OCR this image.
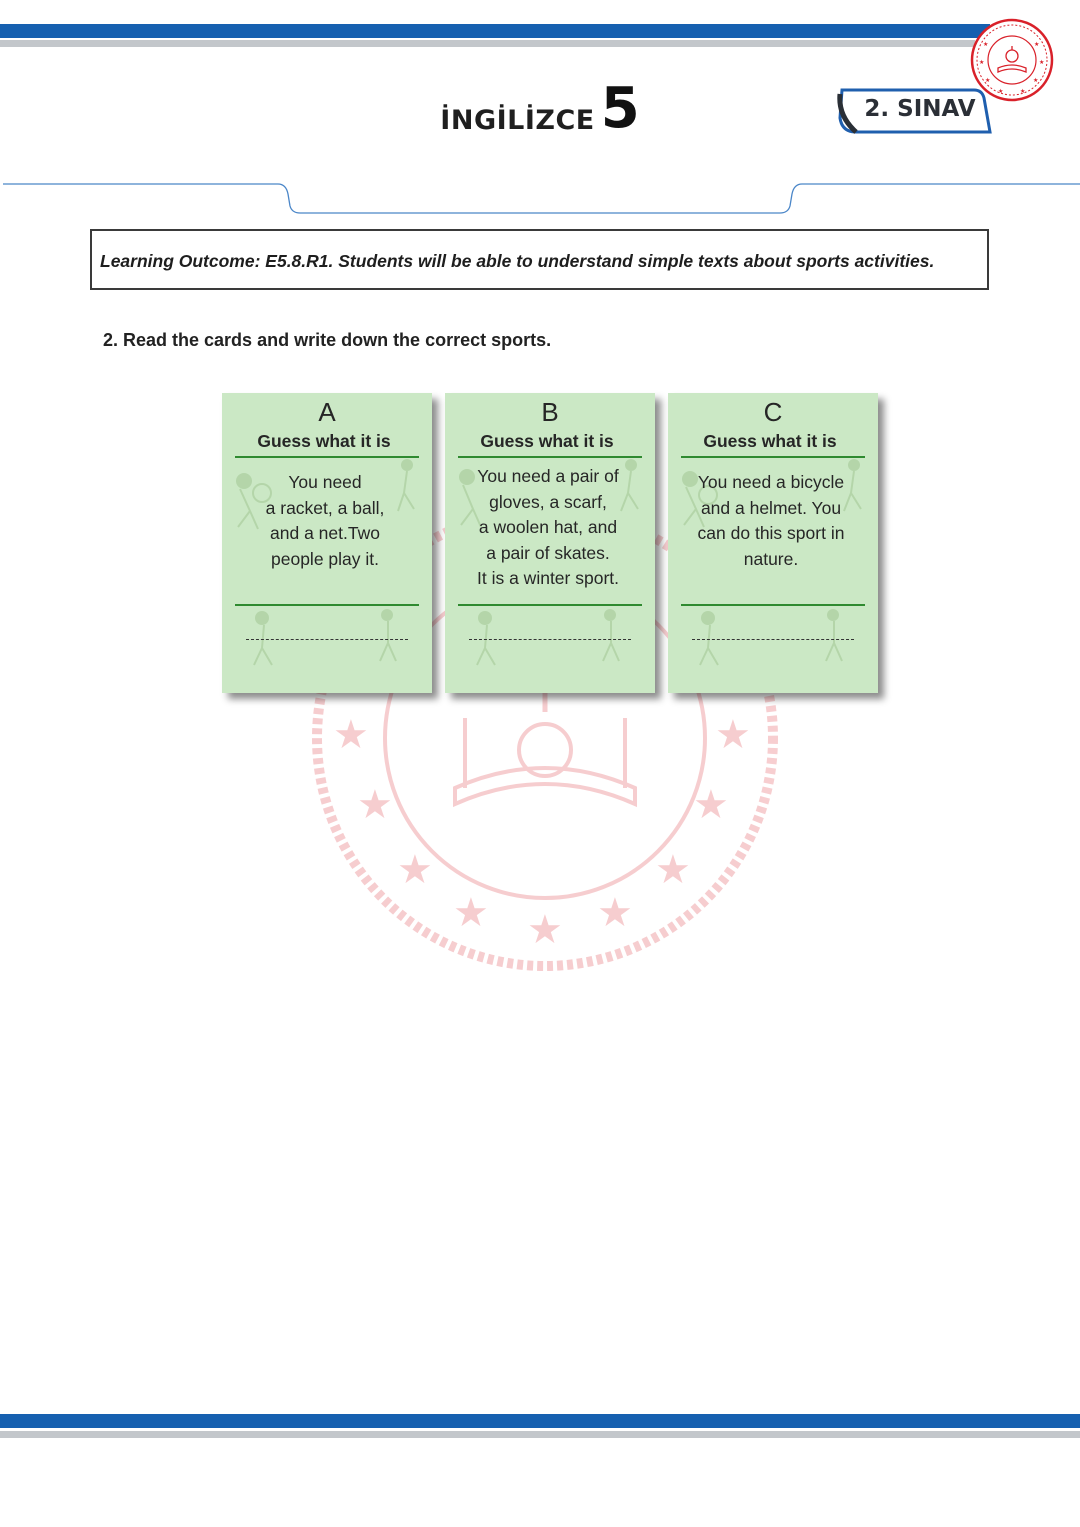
★	★
★	★
★	★
★	★
İNGİLİZCE 5	2. SINAV
Learning Outcome: E5.8.R1. Students will be able to understand simple texts about sports activities.
2. Read the cards and write down the correct sports.
★	★
★	★
★	★
★	★
★
A
Guess what it is
You need
a racket, a ball,
and a net.Two
people play it.
B
Guess what it is
You need a pair of
gloves, a scarf,
a woolen hat, and
a pair of skates.
It is a winter sport.
C
Guess what it is
You need a bicycle
and a helmet. You
can do this sport in
nature.
